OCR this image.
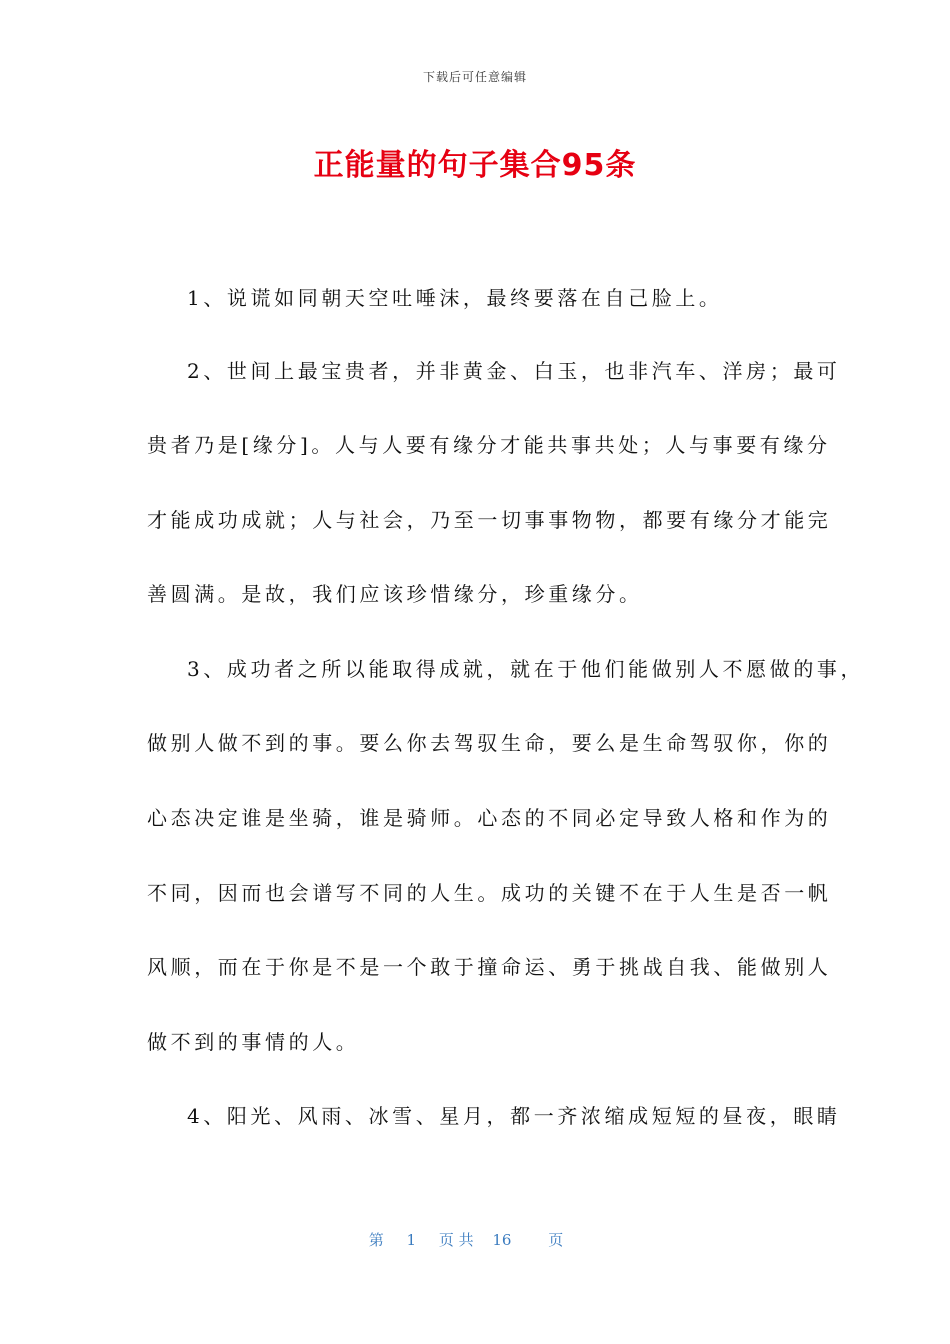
下载后可任意编辑
正能量的句子集合95条
1、说谎如同朝天空吐唾沫，最终要落在自己脸上。
2、世间上最宝贵者，并非黄金、白玉，也非汽车、洋房；最可
贵者乃是[缘分]。人与人要有缘分才能共事共处；人与事要有缘分
才能成功成就；人与社会，乃至一切事事物物，都要有缘分才能完
善圆满。是故，我们应该珍惜缘分，珍重缘分。
3、成功者之所以能取得成就，就在于他们能做别人不愿做的事，
做别人做不到的事。要么你去驾驭生命，要么是生命驾驭你，你的
心态决定谁是坐骑，谁是骑师。心态的不同必定导致人格和作为的
不同，因而也会谱写不同的人生。成功的关键不在于人生是否一帆
风顺，而在于你是不是一个敢于撞命运、勇于挑战自我、能做别人
做不到的事情的人。
4、阳光、风雨、冰雪、星月，都一齐浓缩成短短的昼夜，眼睛
第 1 页 共 16 页
